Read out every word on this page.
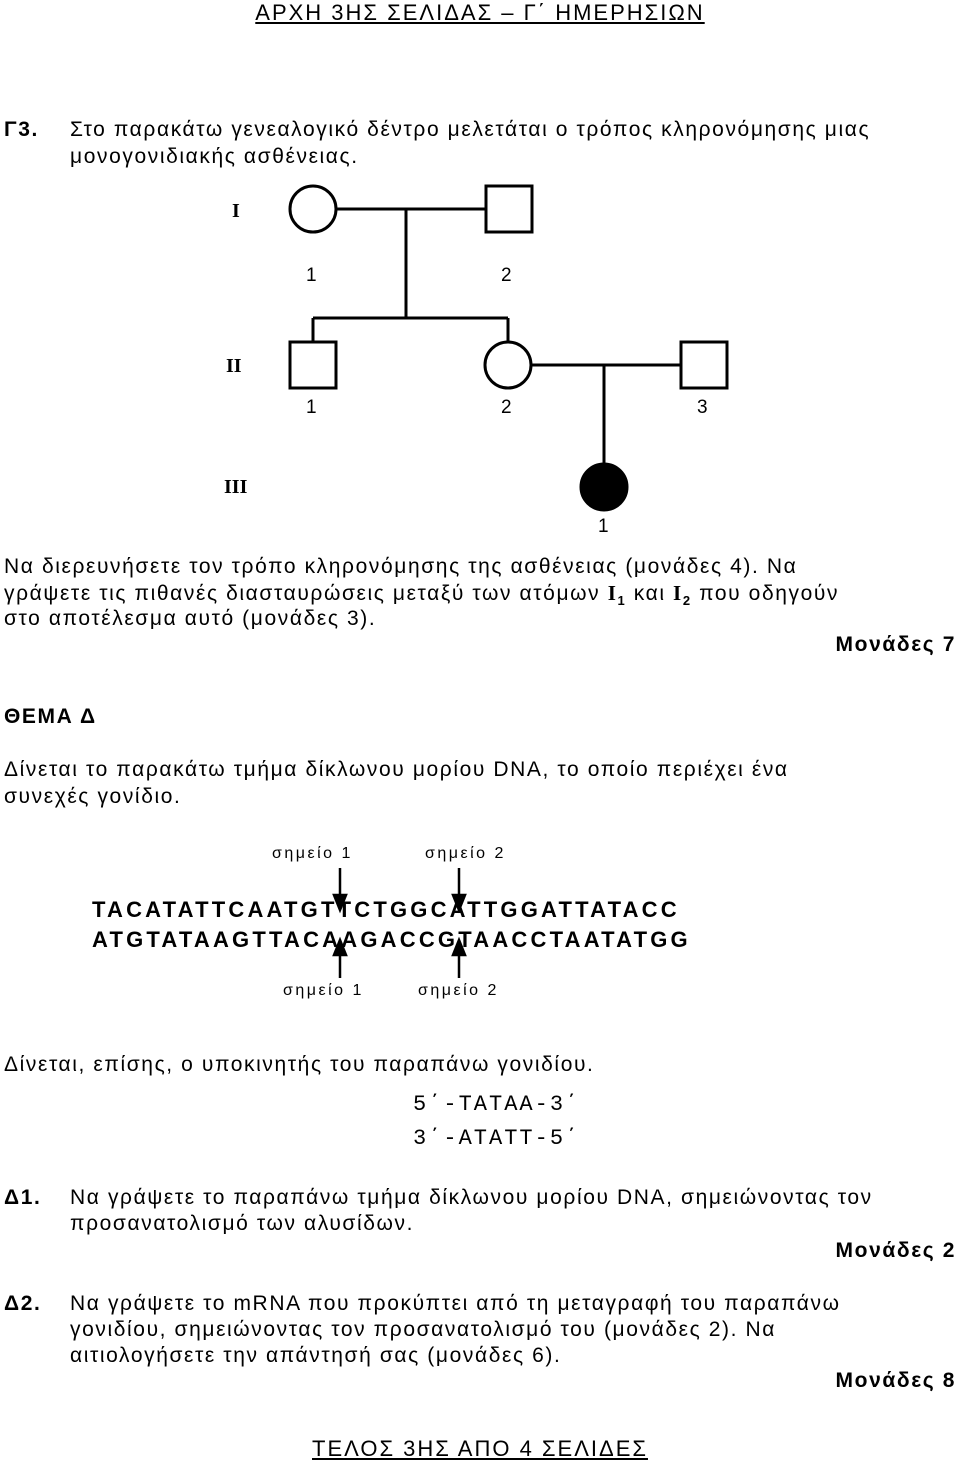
ΑΡΧΗ 3ΗΣ ΣΕΛΙΔΑΣ – Γ΄ ΗΜΕΡΗΣΙΩΝ
Γ3. Στο παρακάτω γενεαλογικό δέντρο μελετάται ο τρόπος κληρονόμησης μιας
μονογονιδιακής ασθένειας.
I
1	2
II
1	2	3
III
1
Να διερευνήσετε τον τρόπο κληρονόμησης της ασθένειας (μονάδες 4). Να
γράψετε τις πιθανές διασταυρώσεις μεταξύ των ατόμων $I_1$ και $I_2$ που οδηγούν
στο αποτέλεσμα αυτό (μονάδες 3).
Μονάδες 7
ΘΕΜΑ Δ
Δίνεται το παρακάτω τμήμα δίκλωνου μορίου DNA, το οποίο περιέχει ένα
συνεχές γονίδιο.
σημείο 1	σημείο 2
TACATATTCAATGTTCTGGCATTGGATTATACC
ATGTATAAGTTACAAGACCGTAACCTAATATGG
σημείο 1	σημείο 2
Δίνεται, επίσης, ο υποκινητής του παραπάνω γονιδίου.
5΄-TATAA-3΄
3΄-ATATT-5΄
Δ1. Να γράψετε το παραπάνω τμήμα δίκλωνου μορίου DNA, σημειώνοντας τον
προσανατολισμό των αλυσίδων.
Μονάδες 2
Δ2. Να γράψετε το mRNA που προκύπτει από τη μεταγραφή του παραπάνω
γονιδίου, σημειώνοντας τον προσανατολισμό του (μονάδες 2). Να
αιτιολογήσετε την απάντησή σας (μονάδες 6).
Μονάδες 8
ΤΕΛΟΣ 3ΗΣ ΑΠΟ 4 ΣΕΛΙΔΕΣ
